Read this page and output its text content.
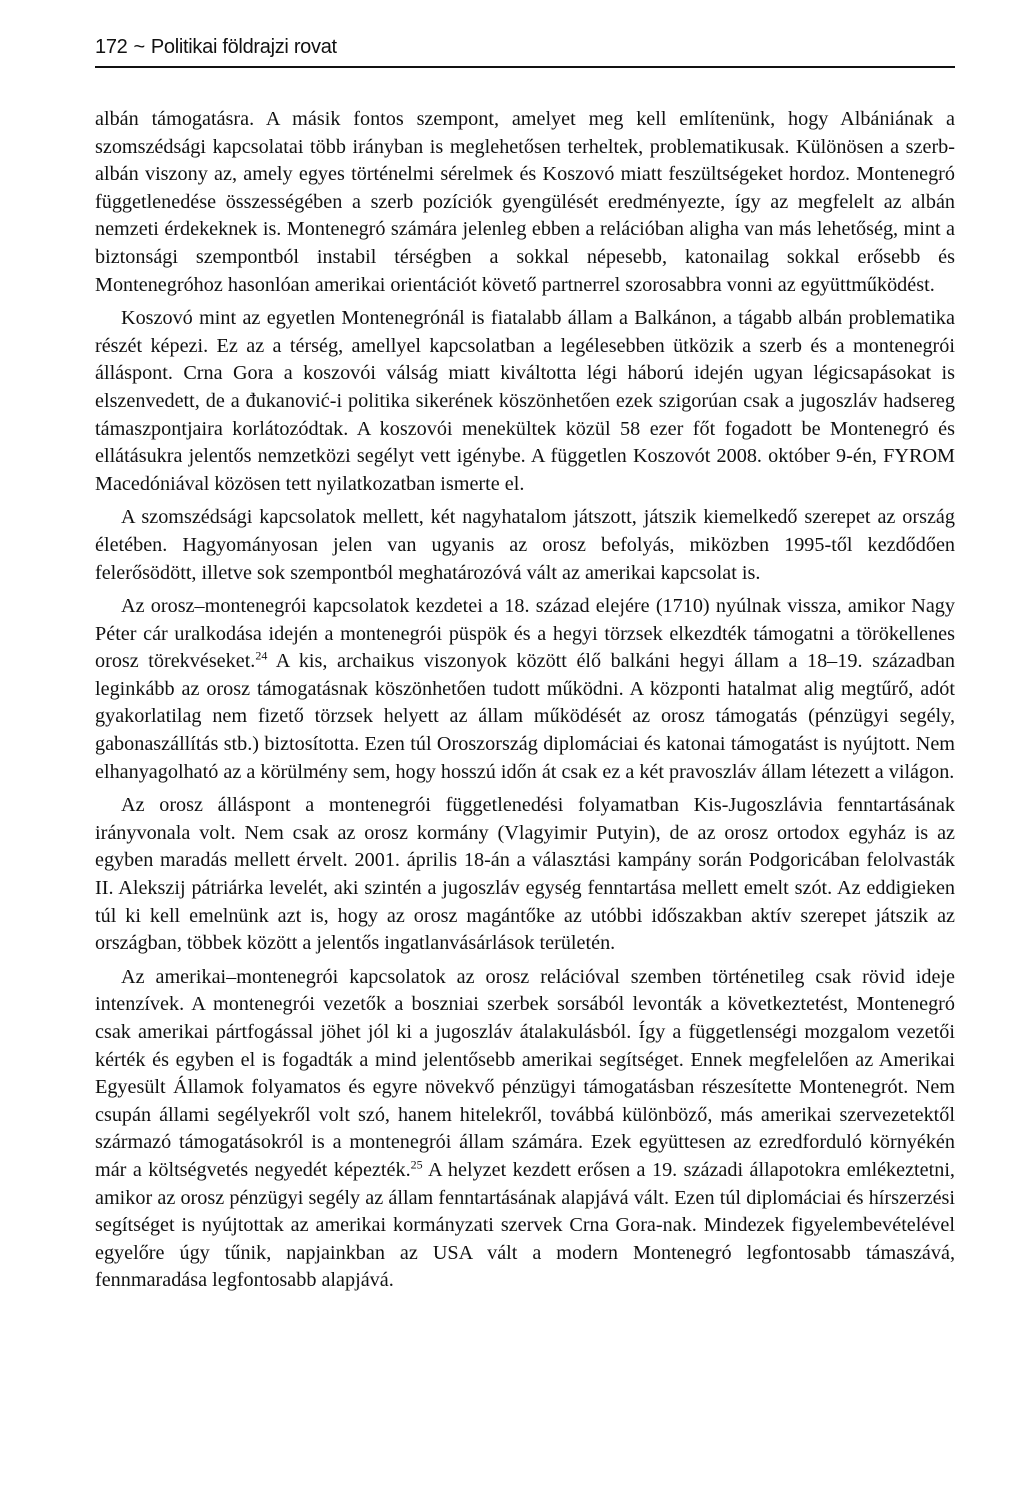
172 ~ Politikai földrajzi rovat

albán támogatásra. A másik fontos szempont, amelyet meg kell említenünk, hogy Albániának a szomszédsági kapcsolatai több irányban is meglehetősen terheltek, problematikusak. Különösen a szerb-albán viszony az, amely egyes történelmi sérelmek és Koszovó miatt feszültségeket hordoz. Montenegró függetlenedése összességében a szerb pozíciók gyengülését eredményezte, így az megfelelt az albán nemzeti érdekeknek is. Montenegró számára jelenleg ebben a relációban aligha van más lehetőség, mint a biztonsági szempontból instabil térségben a sokkal népesebb, katonailag sokkal erősebb és Montenegróhoz hasonlóan amerikai orientációt követő partnerrel szorosabbra vonni az együttműködést.

Koszovó mint az egyetlen Montenegrónál is fiatalabb állam a Balkánon, a tágabb albán problematika részét képezi. Ez az a térség, amellyel kapcsolatban a legélesebben ütközik a szerb és a montenegrói álláspont. Crna Gora a koszovói válság miatt kiváltotta légi háború idején ugyan légicsapásokat is elszenvedett, de a đukanović-i politika sikerének köszönhetően ezek szigorúan csak a jugoszláv hadsereg támaszpontjaira korlátozódtak. A koszovói menekültek közül 58 ezer főt fogadott be Montenegró és ellátásukra jelentős nemzetközi segélyt vett igénybe. A független Koszovót 2008. október 9-én, FYROM Macedóniával közösen tett nyilatkozatban ismerte el.

A szomszédsági kapcsolatok mellett, két nagyhatalom játszott, játszik kiemelkedő szerepet az ország életében. Hagyományosan jelen van ugyanis az orosz befolyás, miközben 1995-től kezdődően felerősödött, illetve sok szempontból meghatározóvá vált az amerikai kapcsolat is.

Az orosz–montenegrói kapcsolatok kezdetei a 18. század elejére (1710) nyúlnak vissza, amikor Nagy Péter cár uralkodása idején a montenegrói püspök és a hegyi törzsek elkezdték támogatni a törökellenes orosz törekvéseket.$^{24}$ A kis, archaikus viszonyok között élő balkáni hegyi állam a 18–19. században leginkább az orosz támogatásnak köszönhetően tudott működni. A központi hatalmat alig megtűrő, adót gyakorlatilag nem fizető törzsek helyett az állam működését az orosz támogatás (pénzügyi segély, gabonaszállítás stb.) biztosította. Ezen túl Oroszország diplomáciai és katonai támogatást is nyújtott. Nem elhanyagolható az a körülmény sem, hogy hosszú időn át csak ez a két pravoszláv állam létezett a világon.

Az orosz álláspont a montenegrói függetlenedési folyamatban Kis-Jugoszlávia fenntartásának irányvonala volt. Nem csak az orosz kormány (Vlagyimir Putyin), de az orosz ortodox egyház is az egyben maradás mellett érvelt. 2001. április 18-án a választási kampány során Podgoricában felolvasták II. Alekszij pátriárka levelét, aki szintén a jugoszláv egység fenntartása mellett emelt szót. Az eddigieken túl ki kell emelnünk azt is, hogy az orosz magántőke az utóbbi időszakban aktív szerepet játszik az országban, többek között a jelentős ingatlanvásárlások területén.

Az amerikai–montenegrói kapcsolatok az orosz relációval szemben történetileg csak rövid ideje intenzívek. A montenegrói vezetők a boszniai szerbek sorsából levonták a következtetést, Montenegró csak amerikai pártfogással jöhet jól ki a jugoszláv átalakulásból. Így a függetlenségi mozgalom vezetői kérték és egyben el is fogadták a mind jelentősebb amerikai segítséget. Ennek megfelelően az Amerikai Egyesült Államok folyamatos és egyre növekvő pénzügyi támogatásban részesítette Montenegrót. Nem csupán állami segélyekről volt szó, hanem hitelekről, továbbá különböző, más amerikai szervezetektől származó támogatásokról is a montenegrói állam számára. Ezek együttesen az ezredforduló környékén már a költségvetés negyedét képezték.$^{25}$ A helyzet kezdett erősen a 19. századi állapotokra emlékeztetni, amikor az orosz pénzügyi segély az állam fenntartásának alapjává vált. Ezen túl diplomáciai és hírszerzési segítséget is nyújtottak az amerikai kormányzati szervek Crna Gora-nak. Mindezek figyelembevételével egyelőre úgy tűnik, napjainkban az USA vált a modern Montenegró legfontosabb támaszává, fennmaradása legfontosabb alapjává.
